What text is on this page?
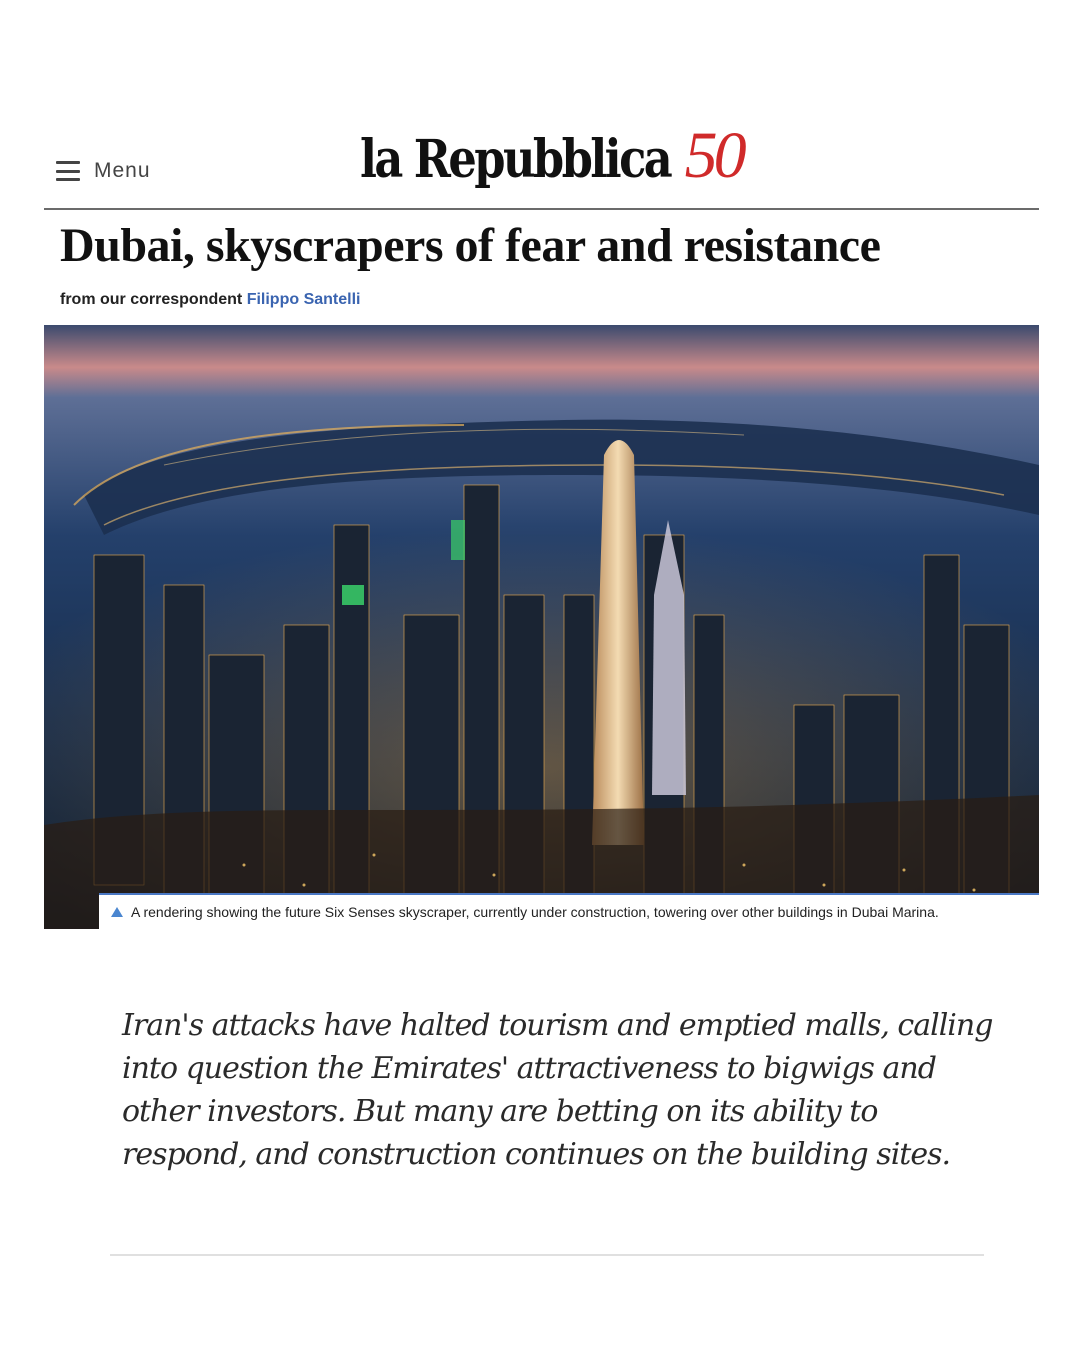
Menu	la Repubblica 50
Dubai, skyscrapers of fear and resistance
from our correspondent Filippo Santelli
A rendering showing the future Six Senses skyscraper, currently under construction, towering over other buildings in Dubai Marina.

Iran's attacks have halted tourism and emptied malls, calling into question the Emirates' attractiveness to bigwigs and other investors. But many are betting on its ability to respond, and construction continues on the building sites.
